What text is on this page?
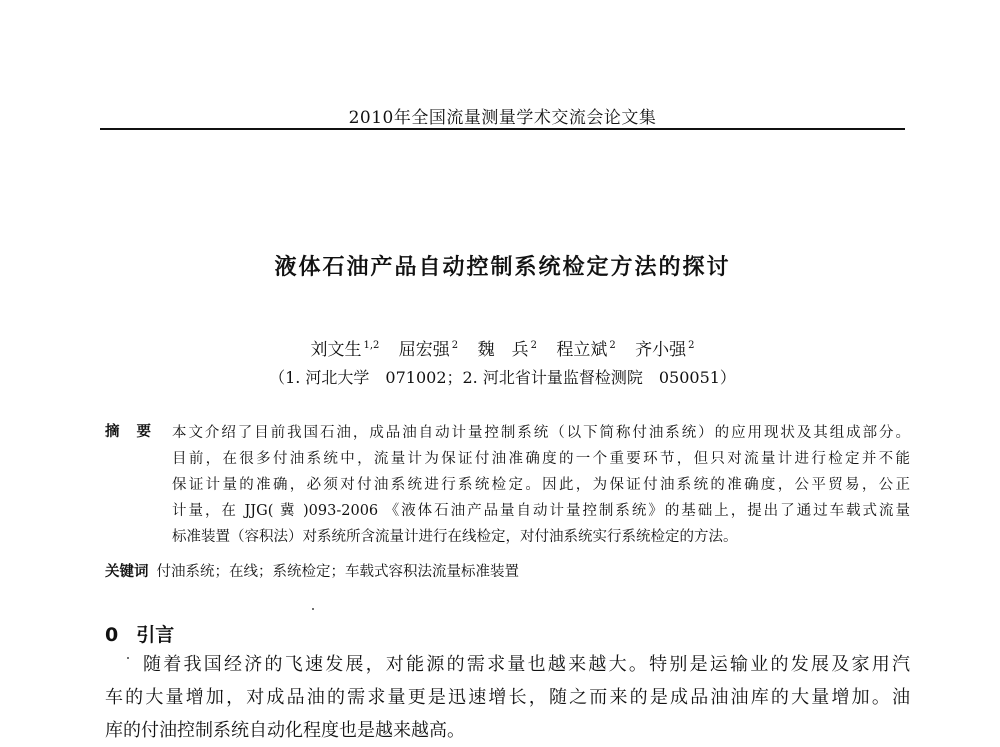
2010年全国流量测量学术交流会论文集
液体石油产品自动控制系统检定方法的探讨
刘文生 $^{1,2}$ 屈宏强 $^2$ 魏　兵 $^2$ 程立斌 $^2$ 齐小强 $^2$
（1. 河北大学　071002；2. 河北省计量监督检测院　050051）
摘 要 本文介绍了目前我国石油，成品油自动计量控制系统（以下简称付油系统）的应用现状及其组成部分。
目前，在很多付油系统中，流量计为保证付油准确度的一个重要环节，但只对流量计进行检定并不能
保证计量的准确，必须对付油系统进行系统检定。因此，为保证付油系统的准确度，公平贸易，公正
计量，在 JJG( 冀 )093-2006 《液体石油产品量自动计量控制系统》的基础上，提出了通过车载式流量
标准装置（容积法）对系统所含流量计进行在线检定，对付油系统实行系统检定的方法。
关键词 付油系统；在线；系统检定；车载式容积法流量标准装置
0 引言
随着我国经济的飞速发展，对能源的需求量也越来越大。特别是运输业的发展及家用汽
车的大量增加，对成品油的需求量更是迅速增长，随之而来的是成品油油库的大量增加。油
库的付油控制系统自动化程度也是越来越高。
